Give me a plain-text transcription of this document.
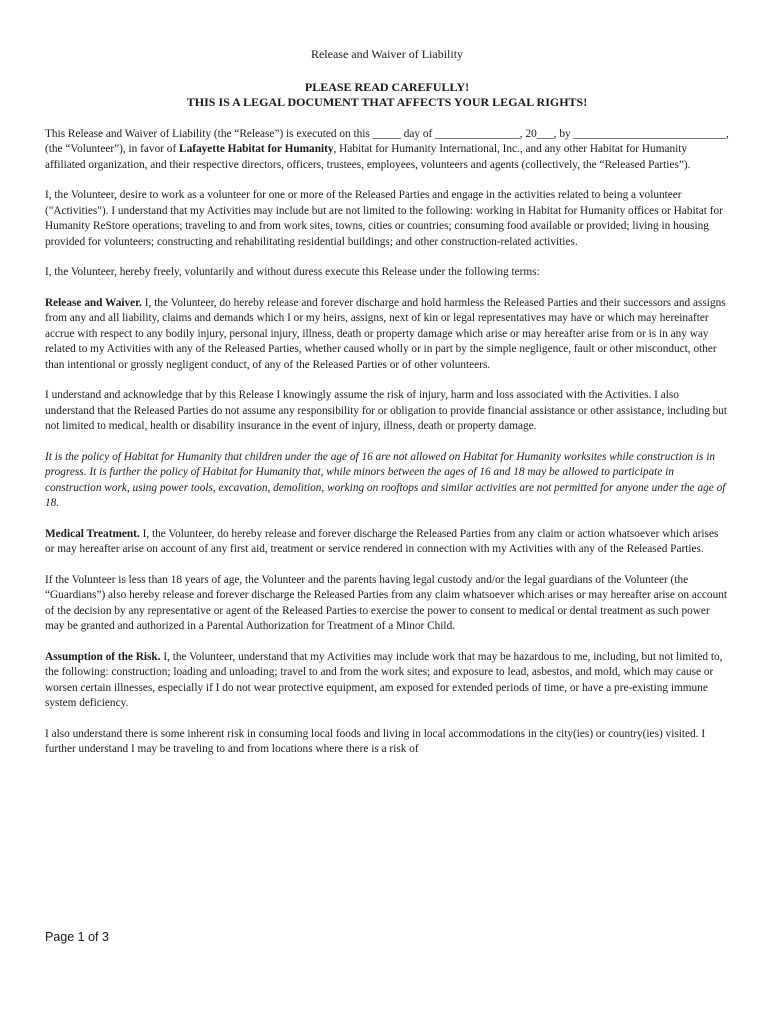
Release and Waiver of Liability
PLEASE READ CAREFULLY!
THIS IS A LEGAL DOCUMENT THAT AFFECTS YOUR LEGAL RIGHTS!

This Release and Waiver of Liability (the “Release”) is executed on this _____ day of _______________, 20___, by ___________________________, (the “Volunteer”), in favor of Lafayette Habitat for Humanity, Habitat for Humanity International, Inc., and any other Habitat for Humanity affiliated organization, and their respective directors, officers, trustees, employees, volunteers and agents (collectively, the “Released Parties”).

I, the Volunteer, desire to work as a volunteer for one or more of the Released Parties and engage in the activities related to being a volunteer ("Activities"). I understand that my Activities may include but are not limited to the following: working in Habitat for Humanity offices or Habitat for Humanity ReStore operations; traveling to and from work sites, towns, cities or countries; consuming food available or provided; living in housing provided for volunteers; constructing and rehabilitating residential buildings; and other construction-related activities.

I, the Volunteer, hereby freely, voluntarily and without duress execute this Release under the following terms:

Release and Waiver. I, the Volunteer, do hereby release and forever discharge and hold harmless the Released Parties and their successors and assigns from any and all liability, claims and demands which I or my heirs, assigns, next of kin or legal representatives may have or which may hereinafter accrue with respect to any bodily injury, personal injury, illness, death or property damage which arise or may hereafter arise from or is in any way related to my Activities with any of the Released Parties, whether caused wholly or in part by the simple negligence, fault or other misconduct, other than intentional or grossly negligent conduct, of any of the Released Parties or of other volunteers.

I understand and acknowledge that by this Release I knowingly assume the risk of injury, harm and loss associated with the Activities. I also understand that the Released Parties do not assume any responsibility for or obligation to provide financial assistance or other assistance, including but not limited to medical, health or disability insurance in the event of injury, illness, death or property damage.

It is the policy of Habitat for Humanity that children under the age of 16 are not allowed on Habitat for Humanity worksites while construction is in progress. It is further the policy of Habitat for Humanity that, while minors between the ages of 16 and 18 may be allowed to participate in construction work, using power tools, excavation, demolition, working on rooftops and similar activities are not permitted for anyone under the age of 18.

Medical Treatment. I, the Volunteer, do hereby release and forever discharge the Released Parties from any claim or action whatsoever which arises or may hereafter arise on account of any first aid, treatment or service rendered in connection with my Activities with any of the Released Parties.

If the Volunteer is less than 18 years of age, the Volunteer and the parents having legal custody and/or the legal guardians of the Volunteer (the “Guardians”) also hereby release and forever discharge the Released Parties from any claim whatsoever which arises or may hereafter arise on account of the decision by any representative or agent of the Released Parties to exercise the power to consent to medical or dental treatment as such power may be granted and authorized in a Parental Authorization for Treatment of a Minor Child.

Assumption of the Risk. I, the Volunteer, understand that my Activities may include work that may be hazardous to me, including, but not limited to, the following: construction; loading and unloading; travel to and from the work sites; and exposure to lead, asbestos, and mold, which may cause or worsen certain illnesses, especially if I do not wear protective equipment, am exposed for extended periods of time, or have a pre-existing immune system deficiency.

I also understand there is some inherent risk in consuming local foods and living in local accommodations in the city(ies) or country(ies) visited. I further understand I may be traveling to and from locations where there is a risk of

Page 1 of 3
